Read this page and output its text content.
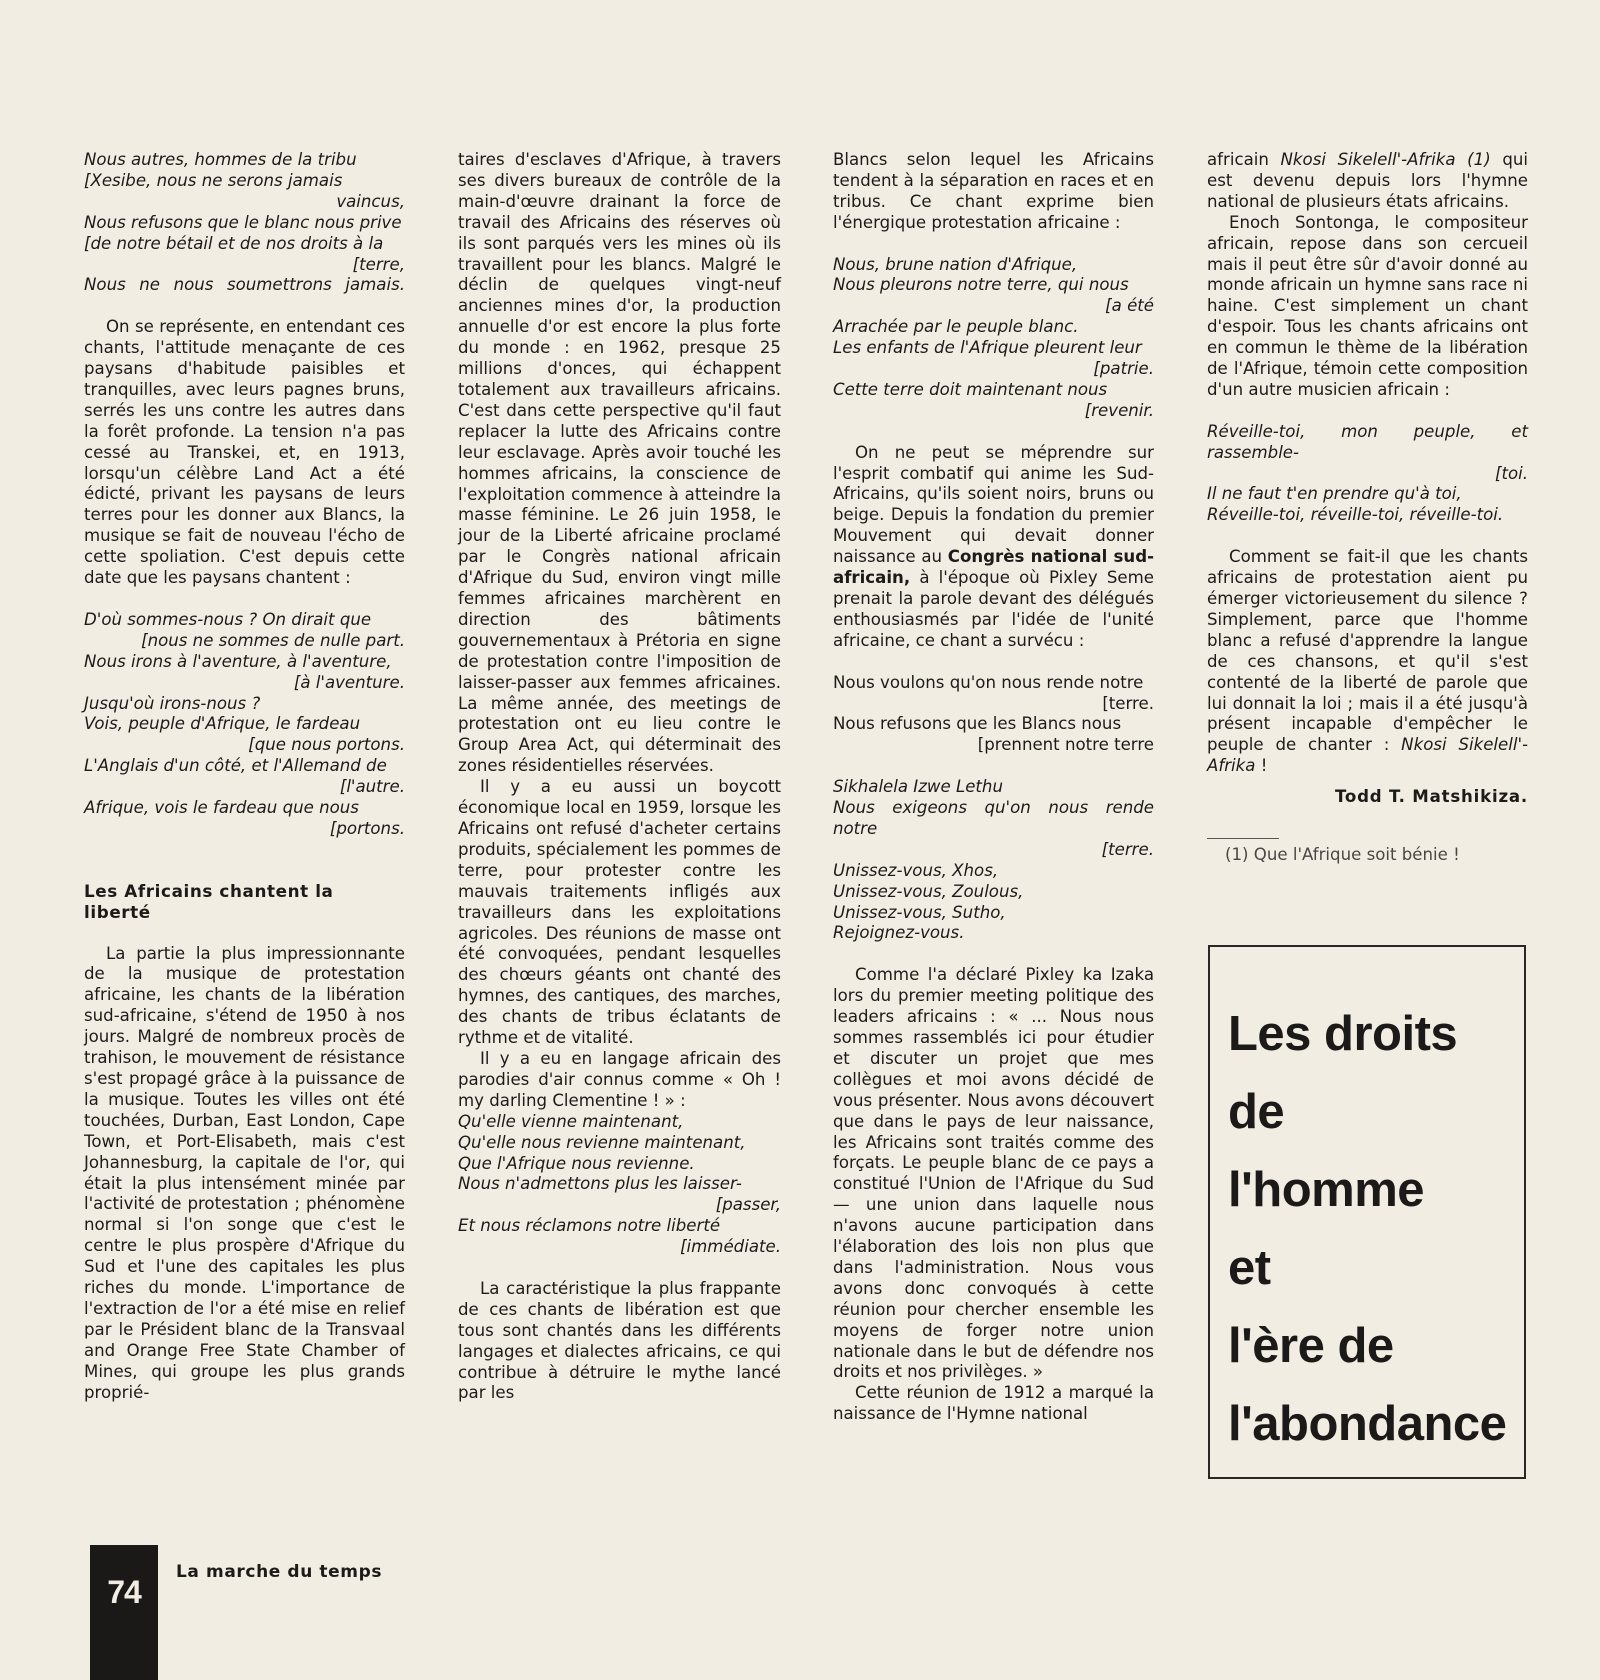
Nous autres, hommes de la tribu
[Xesibe, nous ne serons jamais
vaincus,
Nous refusons que le blanc nous prive
[de notre bétail et de nos droits à la
[terre,
Nous ne nous soumettrons jamais.

On se représente, en entendant ces chants, l'attitude menaçante de ces paysans d'habitude paisibles et tranquilles, avec leurs pagnes bruns, serrés les uns contre les autres dans la forêt profonde. La tension n'a pas cessé au Transkei, et, en 1913, lorsqu'un célèbre Land Act a été édicté, privant les paysans de leurs terres pour les donner aux Blancs, la musique se fait de nouveau l'écho de cette spoliation. C'est depuis cette date que les paysans chantent :

D'où sommes-nous ? On dirait que
[nous ne sommes de nulle part.
Nous irons à l'aventure, à l'aventure,
[à l'aventure.
Jusqu'où irons-nous ?
Vois, peuple d'Afrique, le fardeau
[que nous portons.
L'Anglais d'un côté, et l'Allemand de
[l'autre.
Afrique, vois le fardeau que nous
[portons.
Les Africains chantent la liberté

La partie la plus impressionnante de la musique de protestation africaine, les chants de la libération sud-africaine, s'étend de 1950 à nos jours. Malgré de nombreux procès de trahison, le mouvement de résistance s'est propagé grâce à la puissance de la musique. Toutes les villes ont été touchées, Durban, East London, Cape Town, et Port-Elisabeth, mais c'est Johannesburg, la capitale de l'or, qui était la plus intensément minée par l'activité de protestation ; phénomène normal si l'on songe que c'est le centre le plus prospère d'Afrique du Sud et l'une des capitales les plus riches du monde. L'importance de l'extraction de l'or a été mise en relief par le Président blanc de la Transvaal and Orange Free State Chamber of Mines, qui groupe les plus grands proprié-

taires d'esclaves d'Afrique, à travers ses divers bureaux de contrôle de la main-d'œuvre drainant la force de travail des Africains des réserves où ils sont parqués vers les mines où ils travaillent pour les blancs. Malgré le déclin de quelques vingt-neuf anciennes mines d'or, la production annuelle d'or est encore la plus forte du monde : en 1962, presque 25 millions d'onces, qui échappent totalement aux travailleurs africains. C'est dans cette perspective qu'il faut replacer la lutte des Africains contre leur esclavage. Après avoir touché les hommes africains, la conscience de l'exploitation commence à atteindre la masse féminine. Le 26 juin 1958, le jour de la Liberté africaine proclamé par le Congrès national africain d'Afrique du Sud, environ vingt mille femmes africaines marchèrent en direction des bâtiments gouvernementaux à Prétoria en signe de protestation contre l'imposition de laisser-passer aux femmes africaines. La même année, des meetings de protestation ont eu lieu contre le Group Area Act, qui déterminait des zones résidentielles réservées.

Il y a eu aussi un boycott économique local en 1959, lorsque les Africains ont refusé d'acheter certains produits, spécialement les pommes de terre, pour protester contre les mauvais traitements infligés aux travailleurs dans les exploitations agricoles. Des réunions de masse ont été convoquées, pendant lesquelles des chœurs géants ont chanté des hymnes, des cantiques, des marches, des chants de tribus éclatants de rythme et de vitalité.

Il y a eu en langage africain des parodies d'air connus comme « Oh ! my darling Clementine ! » :

Qu'elle vienne maintenant,
Qu'elle nous revienne maintenant,
Que l'Afrique nous revienne.
Nous n'admettons plus les laisser-
[passer,
Et nous réclamons notre liberté
[immédiate.

La caractéristique la plus frappante de ces chants de libération est que tous sont chantés dans les différents langages et dialectes africains, ce qui contribue à détruire le mythe lancé par les

Blancs selon lequel les Africains tendent à la séparation en races et en tribus. Ce chant exprime bien l'énergique protestation africaine :

Nous, brune nation d'Afrique,
Nous pleurons notre terre, qui nous
[a été
Arrachée par le peuple blanc.
Les enfants de l'Afrique pleurent leur
[patrie.
Cette terre doit maintenant nous
[revenir.

On ne peut se méprendre sur l'esprit combatif qui anime les Sud-Africains, qu'ils soient noirs, bruns ou beige. Depuis la fondation du premier Mouvement qui devait donner naissance au Congrès national sud-africain, à l'époque où Pixley Seme prenait la parole devant des délégués enthousiasmés par l'idée de l'unité africaine, ce chant a survécu :

Nous voulons qu'on nous rende notre
[terre.
Nous refusons que les Blancs nous
[prennent notre terre
Sikhalela Izwe Lethu
Nous exigeons qu'on nous rende notre
[terre.
Unissez-vous, Xhos,
Unissez-vous, Zoulous,
Unissez-vous, Sutho,
Rejoignez-vous.

Comme l'a déclaré Pixley ka Izaka lors du premier meeting politique des leaders africains : « ... Nous nous sommes rassemblés ici pour étudier et discuter un projet que mes collègues et moi avons décidé de vous présenter. Nous avons découvert que dans le pays de leur naissance, les Africains sont traités comme des forçats. Le peuple blanc de ce pays a constitué l'Union de l'Afrique du Sud — une union dans laquelle nous n'avons aucune participation dans l'élaboration des lois non plus que dans l'administration. Nous vous avons donc convoqués à cette réunion pour chercher ensemble les moyens de forger notre union nationale dans le but de défendre nos droits et nos privilèges. »

Cette réunion de 1912 a marqué la naissance de l'Hymne national

africain Nkosi Sikelell'-Afrika (1) qui est devenu depuis lors l'hymne national de plusieurs états africains.

Enoch Sontonga, le compositeur africain, repose dans son cercueil mais il peut être sûr d'avoir donné au monde africain un hymne sans race ni haine. C'est simplement un chant d'espoir. Tous les chants africains ont en commun le thème de la libération de l'Afrique, témoin cette composition d'un autre musicien africain :

Réveille-toi, mon peuple, et rassemble-
[toi.
Il ne faut t'en prendre qu'à toi,
Réveille-toi, réveille-toi, réveille-toi.

Comment se fait-il que les chants africains de protestation aient pu émerger victorieusement du silence ? Simplement, parce que l'homme blanc a refusé d'apprendre la langue de ces chansons, et qu'il s'est contenté de la liberté de parole que lui donnait la loi ; mais il a été jusqu'à présent incapable d'empêcher le peuple de chanter : Nkosi Sikelell'-Afrika !

Todd T. Matshikiza.
(1) Que l'Afrique soit bénie !
Les droits
de
l'homme
et
l'ère de
l'abondance
74
La marche du temps
